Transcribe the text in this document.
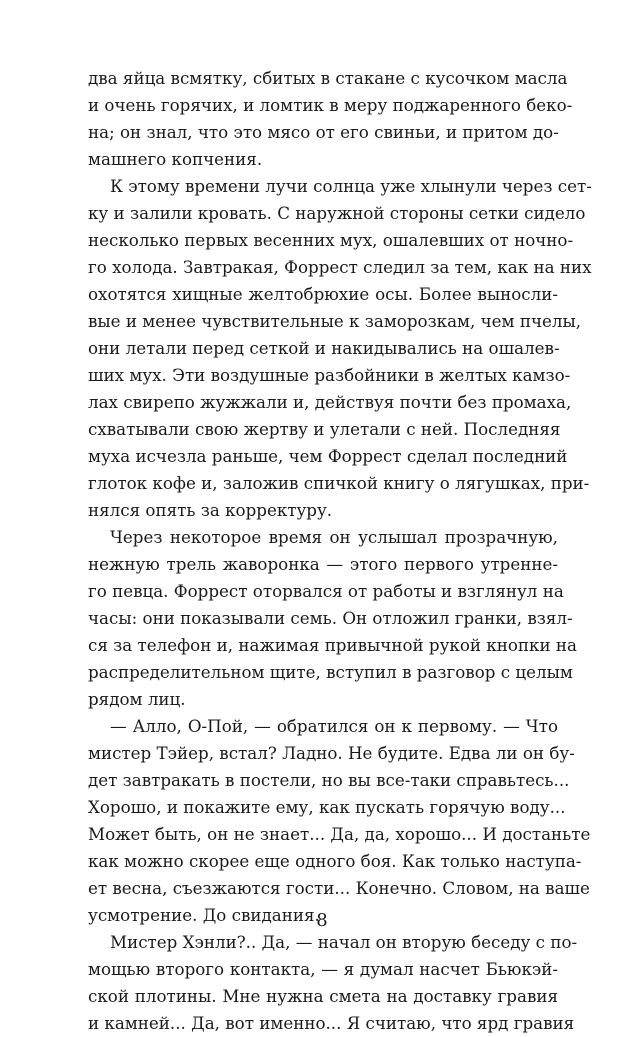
два яйца всмятку, сбитых в стакане с кусочком масла
и очень горячих, и ломтик в меру поджаренного беко-
на; он знал, что это мясо от его свиньи, и притом до-
машнего копчения.
К этому времени лучи солнца уже хлынули через сет-
ку и залили кровать. С наружной стороны сетки сидело
несколько первых весенних мух, ошалевших от ночно-
го холода. Завтракая, Форрест следил за тем, как на них
охотятся хищные желтобрюхие осы. Более выносли-
вые и менее чувствительные к заморозкам, чем пчелы,
они летали перед сеткой и накидывались на ошалев-
ших мух. Эти воздушные разбойники в желтых камзо-
лах свирепо жужжали и, действуя почти без промаха,
схватывали свою жертву и улетали с ней. Последняя
муха исчезла раньше, чем Форрест сделал последний
глоток кофе и, заложив спичкой книгу о лягушках, при-
нялся опять за корректуру.
Через некоторое время он услышал прозрачную,
нежную трель жаворонка — этого первого утренне-
го певца. Форрест оторвался от работы и взглянул на
часы: они показывали семь. Он отложил гранки, взял-
ся за телефон и, нажимая привычной рукой кнопки на
распределительном щите, вступил в разговор с целым
рядом лиц.
— Алло, О-Пой, — обратился он к первому. — Что
мистер Тэйер, встал? Ладно. Не будите. Едва ли он бу-
дет завтракать в постели, но вы все-таки справьтесь...
Хорошо, и покажите ему, как пускать горячую воду...
Может быть, он не знает... Да, да, хорошо... И достаньте
как можно скорее еще одного боя. Как только наступа-
ет весна, съезжаются гости... Конечно. Словом, на ваше
усмотрение. До свидания.
Мистер Хэнли?.. Да, — начал он вторую беседу с по-
мощью второго контакта, — я думал насчет Бьюкэй-
ской плотины. Мне нужна смета на доставку гравия
и камней... Да, вот именно... Я считаю, что ярд гравия
8
